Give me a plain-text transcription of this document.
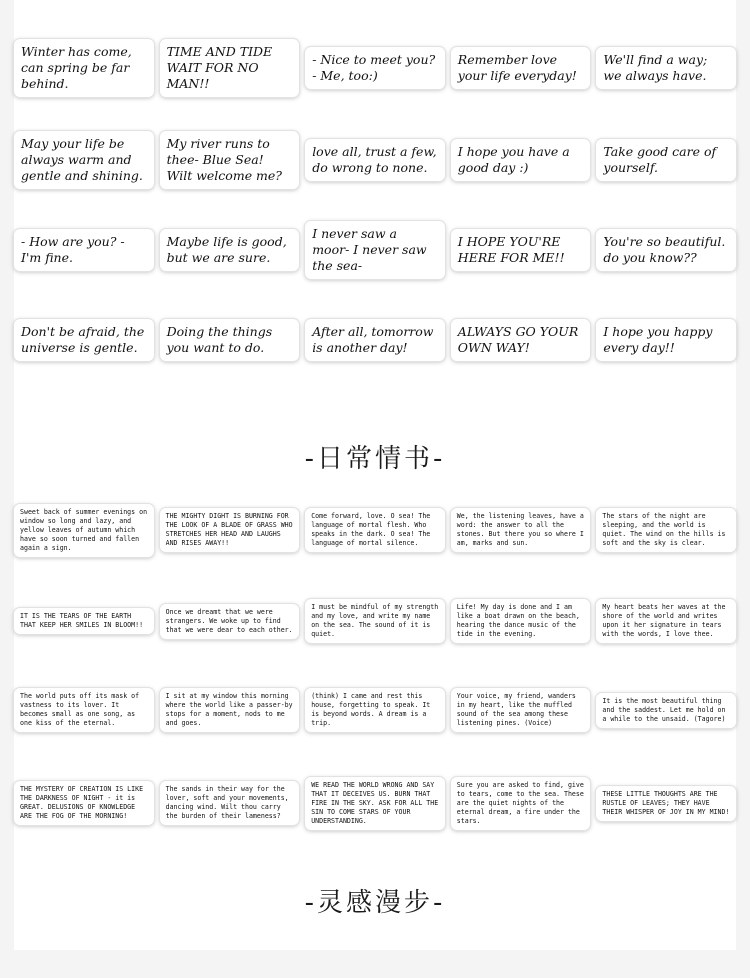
Winter has come, can spring be far behind.
TIME AND TIDE WAIT FOR NO MAN!!
- Nice to meet you? - Me, too:)
Remember love your life everyday!
We'll find a way; we always have.
May your life be always warm and gentle and shining.
My river runs to thee- Blue Sea! Wilt welcome me?
love all, trust a few, do wrong to none.
I hope you have a good day :)
Take good care of yourself.
- How are you? - I'm fine.
Maybe life is good, but we are sure.
I never saw a moor- I never saw the sea-
I HOPE YOU'RE HERE FOR ME!!
You're so beautiful. do you know??
Don't be afraid, the universe is gentle.
Doing the things you want to do.
After all, tomorrow is another day!
ALWAYS GO YOUR OWN WAY!
I hope you happy every day!!
-日常情书-
Sweet back of summer evenings on window so long and lazy, and yellow leaves of autumn which have so soon turned and fallen again a sign.
THE MIGHTY DIGHT IS BURNING FOR THE LOOK OF A BLADE OF GRASS WHO STRETCHES HER HEAD AND LAUGHS AND RISES AWAY!!
Come forward, love. O sea! The language of mortal flesh. Who speaks in the dark. O sea! The language of mortal silence.
We, the listening leaves, have a word: the answer to all the stones. But there you so where I am, marks and sun.
The stars of the night are sleeping, and the world is quiet. The wind on the hills is soft and the sky is clear.
IT IS THE TEARS OF THE EARTH THAT KEEP HER SMILES IN BLOOM!!
Once we dreamt that we were strangers. We woke up to find that we were dear to each other.
I must be mindful of my strength and my love, and write my name on the sea. The sound of it is quiet.
Life! My day is done and I am like a boat drawn on the beach, hearing the dance music of the tide in the evening.
My heart beats her waves at the shore of the world and writes upon it her signature in tears with the words, I love thee.
The world puts off its mask of vastness to its lover. It becomes small as one song, as one kiss of the eternal.
I sit at my window this morning where the world like a passer-by stops for a moment, nods to me and goes.
(think) I came and rest this house, forgetting to speak. It is beyond words. A dream is a trip.
Your voice, my friend, wanders in my heart, like the muffled sound of the sea among these listening pines. (Voice)
It is the most beautiful thing and the saddest. Let me hold on a while to the unsaid. (Tagore)
THE MYSTERY OF CREATION IS LIKE THE DARKNESS OF NIGHT - it is GREAT. DELUSIONS OF KNOWLEDGE ARE THE FOG OF THE MORNING!
The sands in their way for the lover, soft and your movements, dancing wind. Wilt thou carry the burden of their lameness?
WE READ THE WORLD WRONG AND SAY THAT IT DECEIVES US. BURN THAT FIRE IN THE SKY. ASK FOR ALL THE SIN TO COME STARS OF YOUR UNDERSTANDING.
Sure you are asked to find, give to tears, come to the sea. These are the quiet nights of the eternal dream, a fire under the stars.
THESE LITTLE THOUGHTS ARE THE RUSTLE OF LEAVES; THEY HAVE THEIR WHISPER OF JOY IN MY MIND!
-灵感漫步-
